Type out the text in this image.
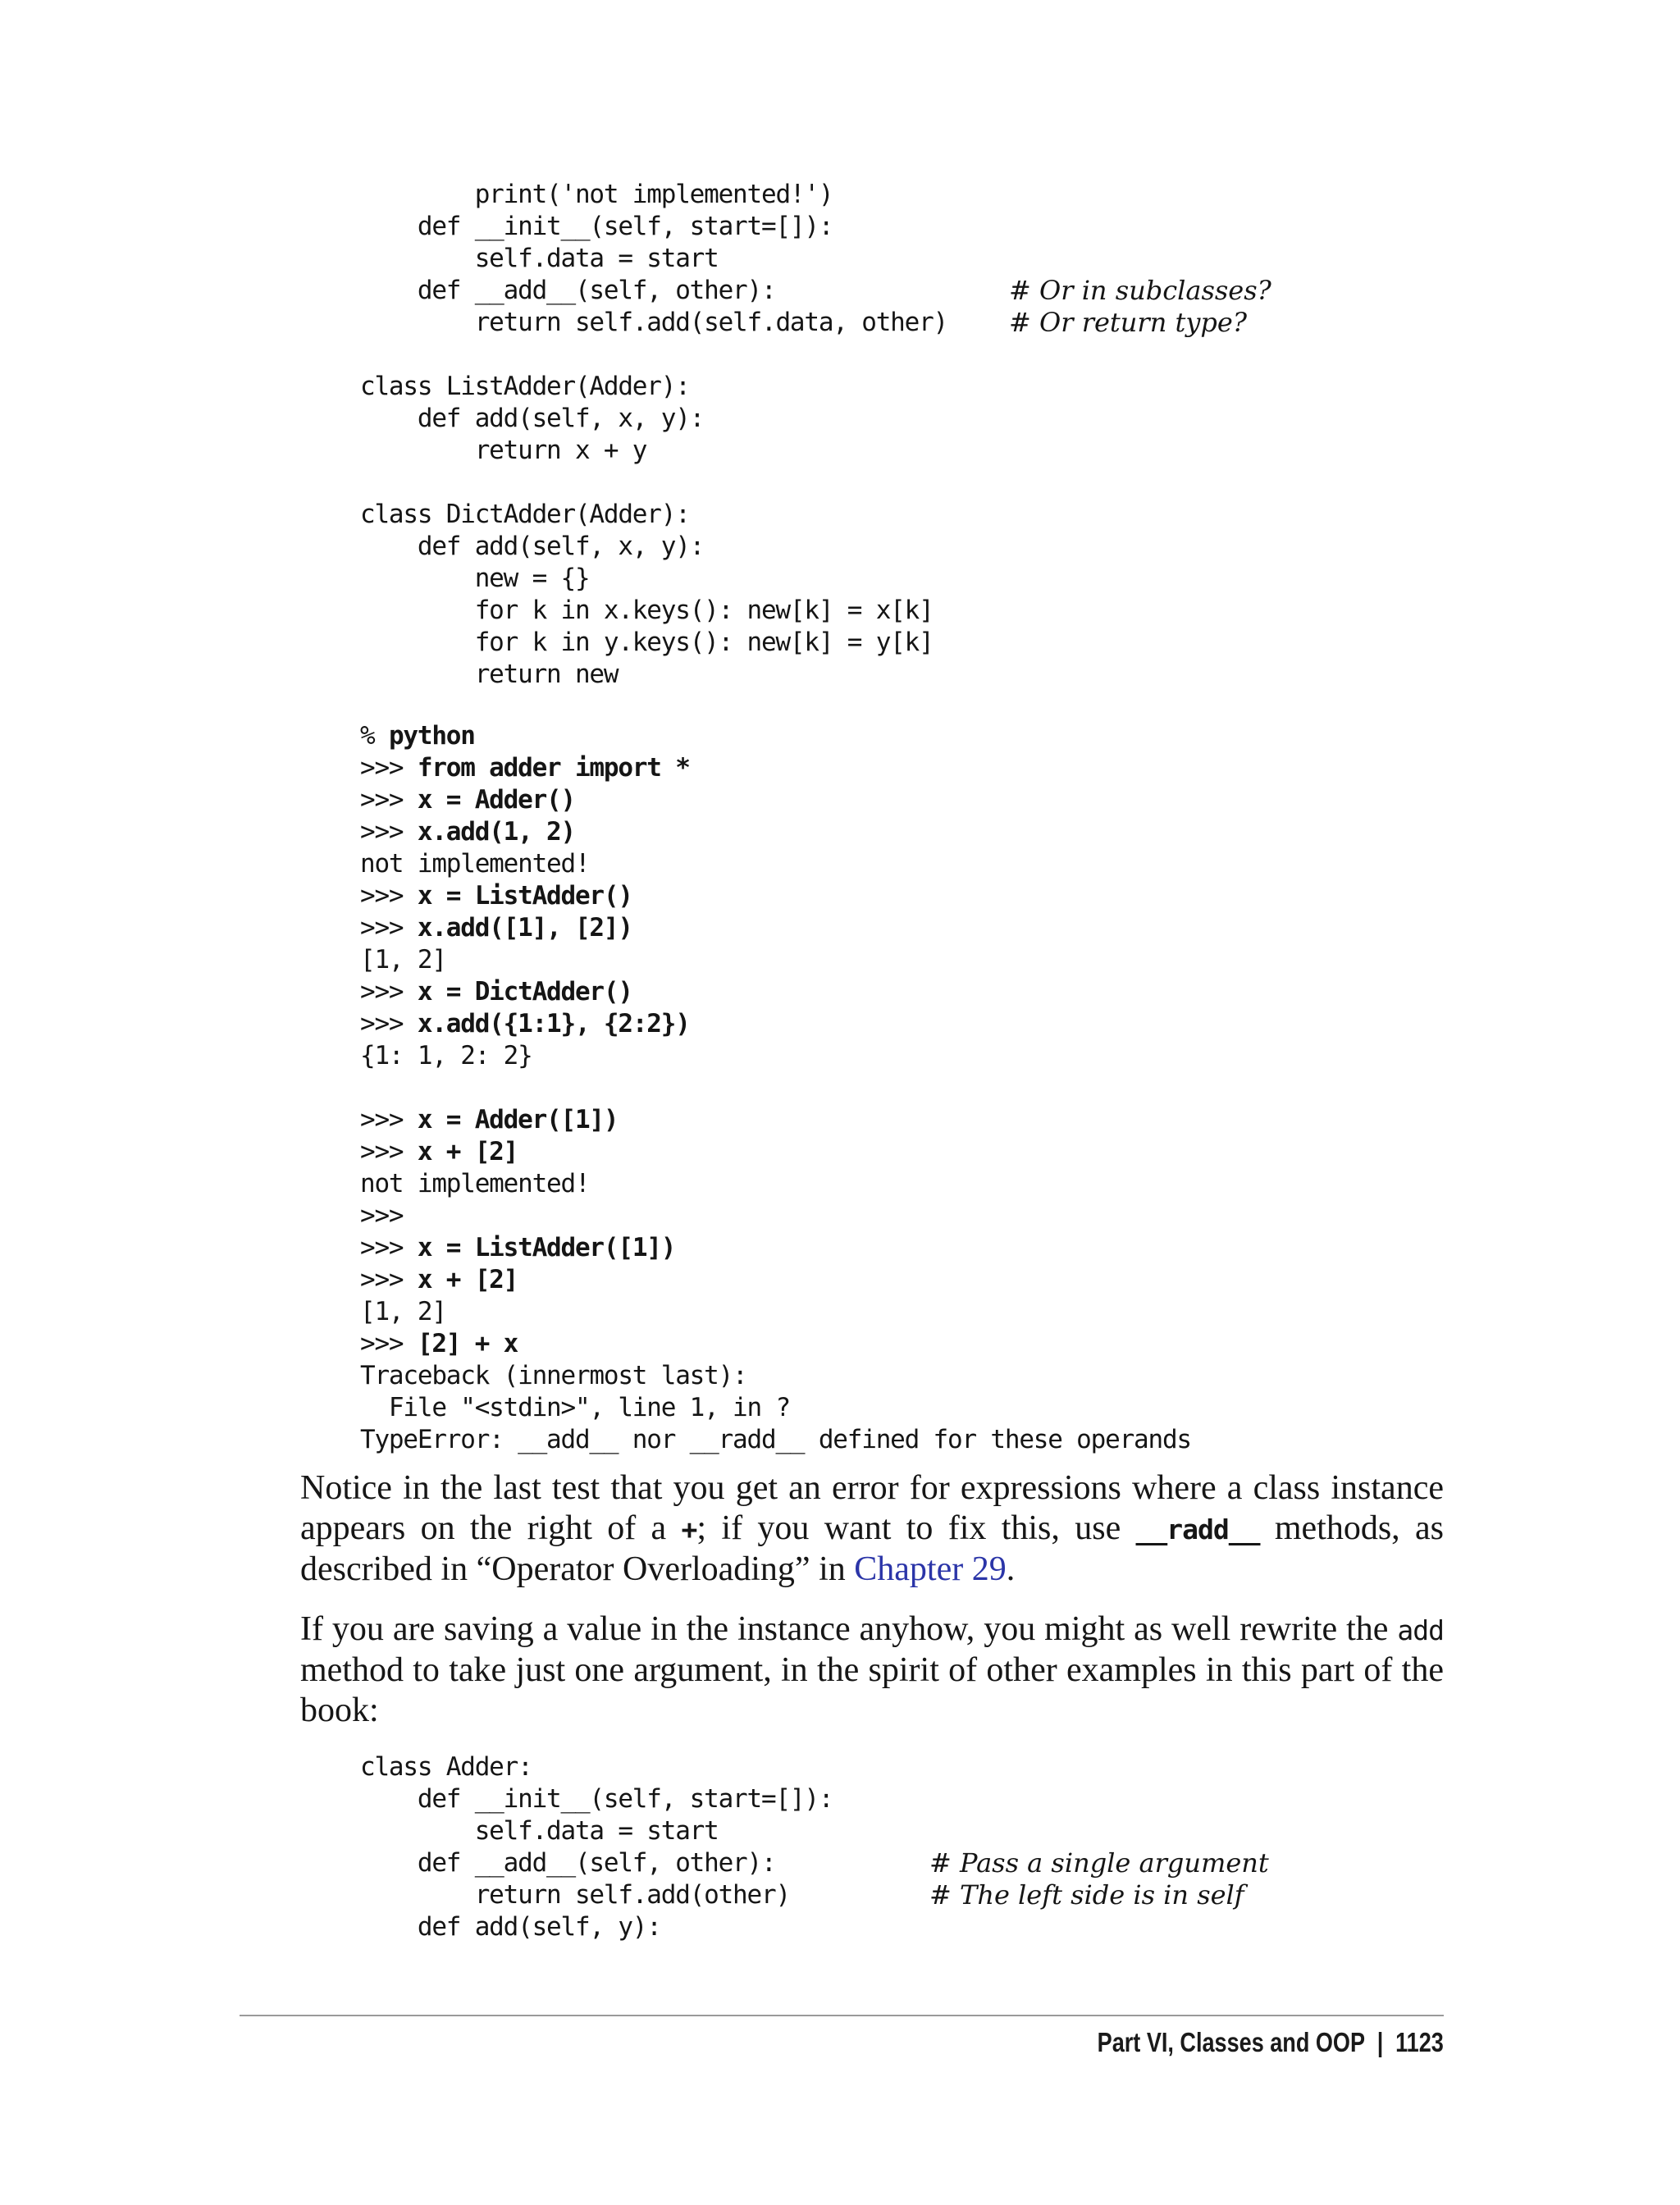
print('not implemented!')
def __init__(self, start=[]):
self.data = start
def __add__(self, other):	# Or in subclasses?
return self.add(self.data, other) # Or return type?
class ListAdder(Adder):
def add(self, x, y):
return x + y
class DictAdder(Adder):
def add(self, x, y):
new = {}
for k in x.keys(): new[k] = x[k]
for k in y.keys(): new[k] = y[k]
return new
% python
>>> from adder import *
>>> x = Adder()
>>> x.add(1, 2)
not implemented!
>>> x = ListAdder()
>>> x.add([1], [2])
[1, 2]
>>> x = DictAdder()
>>> x.add({1:1}, {2:2})
{1: 1, 2: 2}
>>> x = Adder([1])
>>> x + [2]
not implemented!
>>>
>>> x = ListAdder([1])
>>> x + [2]
[1, 2]
>>> [2] + x
Traceback (innermost last):
File "<stdin>", line 1, in ?
TypeError: __add__ nor __radd__ defined for these operands

Notice in the last test that you get an error for expressions where a class instance appears on the right of a +; if you want to fix this, use __radd__ methods, as described in “Operator Overloading” in Chapter 29.

If you are saving a value in the instance anyhow, you might as well rewrite the add method to take just one argument, in the spirit of other examples in this part of the book:

class Adder:
def __init__(self, start=[]):
self.data = start
def __add__(self, other):	# Pass a single argument
return self.add(other)	# The left side is in self
def add(self, y):
Part VI, Classes and OOP | 1123
